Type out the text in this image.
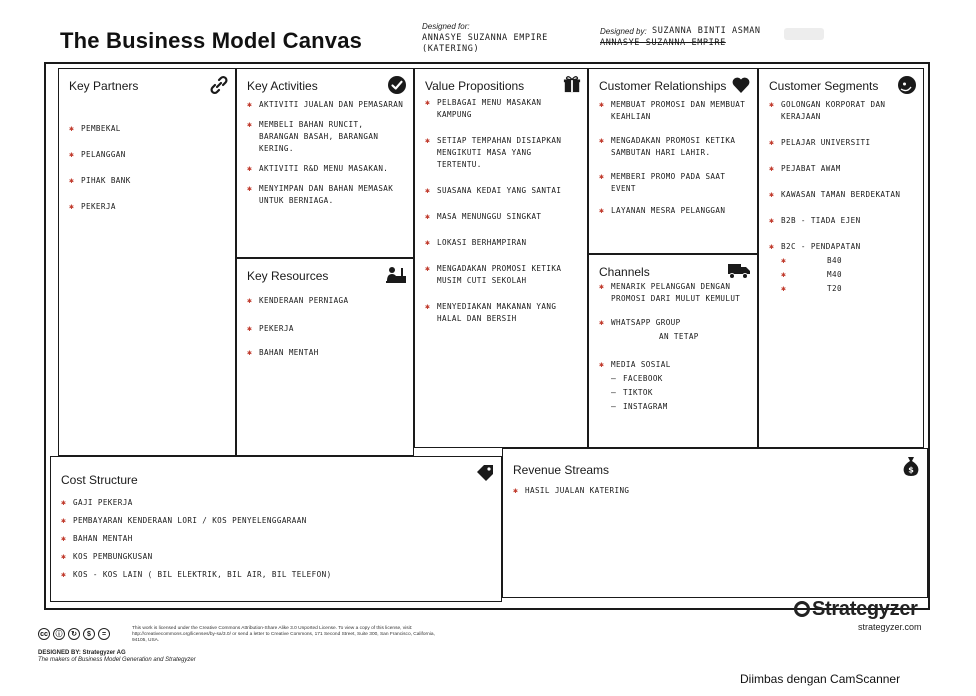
The Business Model Canvas
Designed for:
ANNASYE SUZANNA EMPIRE (KATERING)
Designed by: SUZANNA BINTI ASMAN
ANNASYE SUZANNA EMPIRE
Key Partners
✱ PEMBEKAL
✱ PELANGGAN
✱ PIHAK BANK
✱ PEKERJA
Key Activities
✱ AKTIVITI JUALAN DAN PEMASARAN
✱ MEMBELI BAHAN RUNCIT, BARANGAN BASAH, BARANGAN KERING.
✱ AKTIVITI R&D MENU MASAKAN.
✱ MENYIMPAN DAN BAHAN MEMASAK UNTUK BERNIAGA.
Key Resources
✱ KENDERAAN PERNIAGA
✱ PEKERJA
✱ BAHAN MENTAH
Value Propositions
✱ PELBAGAI MENU MASAKAN KAMPUNG
✱ SETIAP TEMPAHAN DISIAPKAN MENGIKUTI MASA YANG TERTENTU.
✱ SUASANA KEDAI YANG SANTAI
✱ MASA MENUNGGU SINGKAT
✱ LOKASI BERHAMPIRAN
✱ MENGADAKAN PROMOSI KETIKA MUSIM CUTI SEKOLAH
✱ MENYEDIAKAN MAKANAN YANG HALAL DAN BERSIH
Customer Relationships
✱ MEMBUAT PROMOSI DAN MEMBUAT KEAHLIAN
✱ MENGADAKAN PROMOSI KETIKA SAMBUTAN HARI LAHIR.
✱ MEMBERI PROMO PADA SAAT EVENT
✱ LAYANAN MESRA PELANGGAN
Channels
✱ MENARIK PELANGGAN DENGAN PROMOSI DARI MULUT KEMULUT
✱ WHATSAPP GROUP
AN TETAP
✱ MEDIA SOSIAL
– FACEBOOK
– TIKTOK
– INSTAGRAM
Customer Segments
✱ GOLONGAN KORPORAT DAN KERAJAAN
✱ PELAJAR UNIVERSITI
✱ PEJABAT AWAM
✱ KAWASAN TAMAN BERDEKATAN
✱ B2B - TIADA EJEN
✱ B2C - PENDAPATAN
✱ B40
✱ M40
✱ T20
Cost Structure
✱ GAJI PEKERJA
✱ PEMBAYARAN KENDERAAN LORI / KOS PENYELENGGARAAN
✱ BAHAN MENTAH
✱ KOS PEMBUNGKUSAN
✱ KOS - KOS LAIN ( BIL ELEKTRIK, BIL AIR, BIL TELEFON)
Revenue Streams	$
✱ HASIL JUALAN KATERING
cc	ⓘ	↻	$	=
This work is licensed under the Creative Commons Attribution-Share Alike 3.0 Unported License. To view a copy of this license, visit: http://creativecommons.org/licenses/by-sa/3.0/ or send a letter to Creative Commons, 171 Second Street, Suite 300, San Francisco, California, 94105, USA.
DESIGNED BY: Strategyzer AG
The makers of Business Model Generation and Strategyzer
Strategyzer
strategyzer.com
Diimbas dengan CamScanner
